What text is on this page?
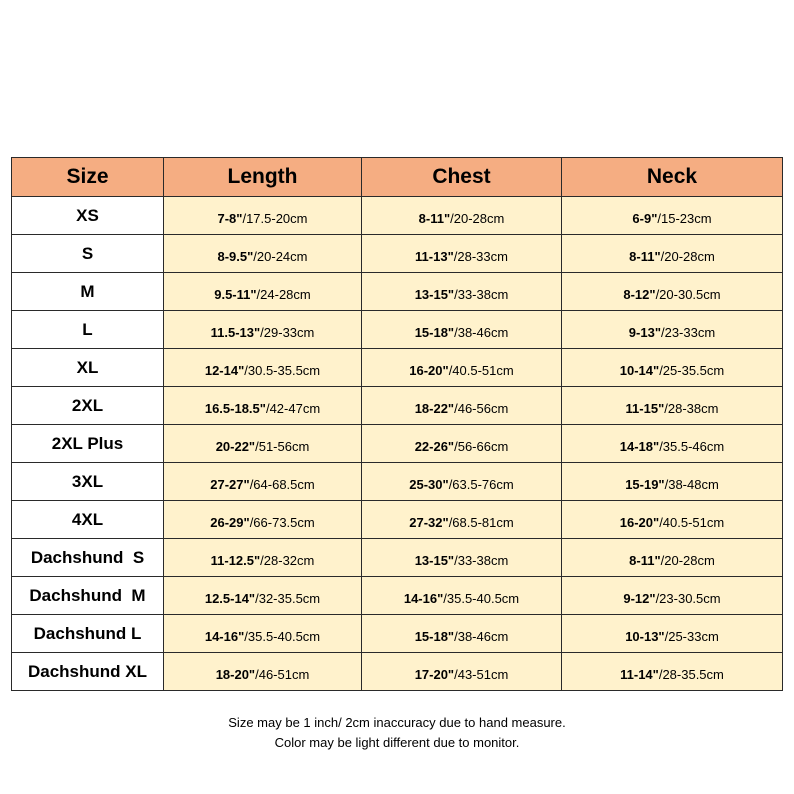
Size	Length	Chest	Neck
XS	7-8"/17.5-20cm	8-11"/20-28cm	6-9"/15-23cm
S	8-9.5"/20-24cm	11-13"/28-33cm	8-11"/20-28cm
M	9.5-11"/24-28cm	13-15"/33-38cm	8-12"/20-30.5cm
L	11.5-13"/29-33cm	15-18"/38-46cm	9-13"/23-33cm
XL	12-14"/30.5-35.5cm	16-20"/40.5-51cm	10-14"/25-35.5cm
2XL	16.5-18.5"/42-47cm	18-22"/46-56cm	11-15"/28-38cm
2XL Plus	20-22"/51-56cm	22-26"/56-66cm	14-18"/35.5-46cm
3XL	27-27"/64-68.5cm	25-30"/63.5-76cm	15-19"/38-48cm
4XL	26-29"/66-73.5cm	27-32"/68.5-81cm	16-20"/40.5-51cm
Dachshund  S	11-12.5"/28-32cm	13-15"/33-38cm	8-11"/20-28cm
Dachshund  M	12.5-14"/32-35.5cm	14-16"/35.5-40.5cm	9-12"/23-30.5cm
Dachshund L	14-16"/35.5-40.5cm	15-18"/38-46cm	10-13"/25-33cm
Dachshund XL	18-20"/46-51cm	17-20"/43-51cm	11-14"/28-35.5cm
Size may be 1 inch/ 2cm inaccuracy due to hand measure.
Color may be light different due to monitor.
